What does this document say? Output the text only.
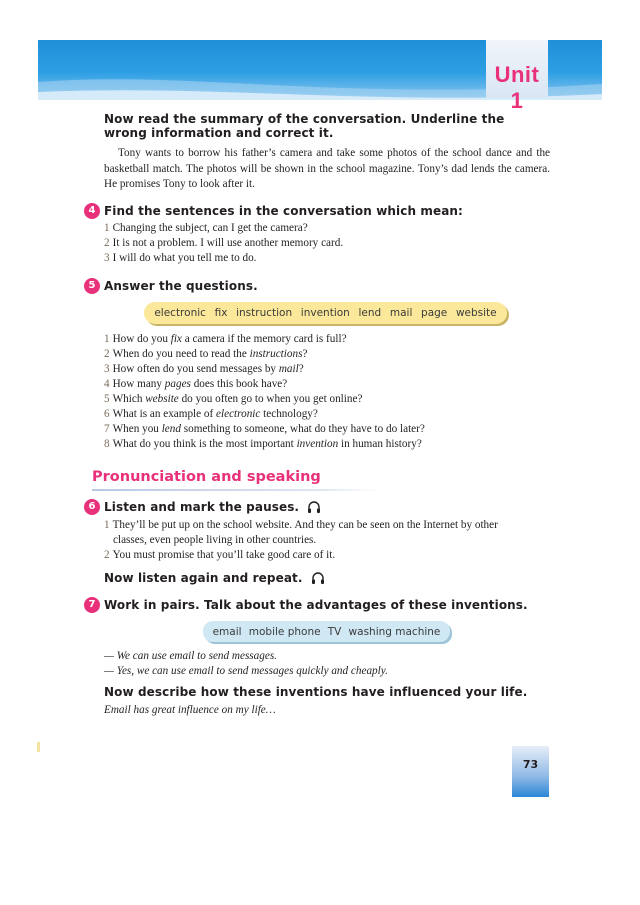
Unit 1
Now read the summary of the conversation. Underline the wrong information and correct it.
Tony wants to borrow his father’s camera and take some photos of the school dance and the basketball match. The photos will be shown in the school magazine. Tony’s dad lends the camera. He promises Tony to look after it.
4 Find the sentences in the conversation which mean:
1 Changing the subject, can I get the camera?
2 It is not a problem. I will use another memory card.
3 I will do what you tell me to do.
5 Answer the questions.
electronic fix instruction invention lend mail page website
1 How do you fix a camera if the memory card is full?
2 When do you need to read the instructions?
3 How often do you send messages by mail?
4 How many pages does this book have?
5 Which website do you often go to when you get online?
6 What is an example of electronic technology?
7 When you lend something to someone, what do they have to do later?
8 What do you think is the most important invention in human history?
Pronunciation and speaking
6 Listen and mark the pauses.
1 They’ll be put up on the school website. And they can be seen on the Internet by other
classes, even people living in other countries.
2 You must promise that you’ll take good care of it.
Now listen again and repeat.
7 Work in pairs. Talk about the advantages of these inventions.
email mobile phone TV washing machine
— We can use email to send messages.
— Yes, we can use email to send messages quickly and cheaply.
Now describe how these inventions have influenced your life.
Email has great influence on my life…
73
